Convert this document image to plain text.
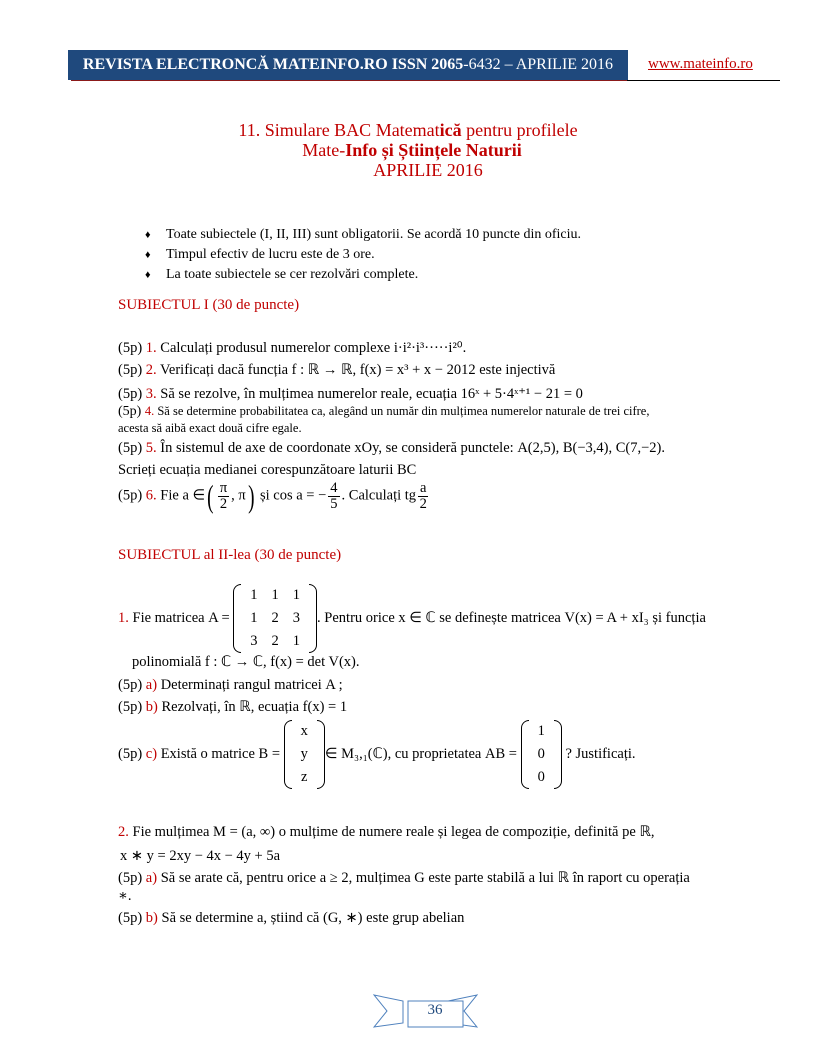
REVISTA ELECTRONCĂ MATEINFO.RO ISSN 2065 -6432 – APRILIE 2016 www.mateinfo.ro
11. Simulare BAC Matematică pentru profilele
Mate-Info și Științele Naturii
APRILIE 2016
♦ Toate subiectele (I, II, III) sunt obligatorii. Se acordă 10 puncte din oficiu.
♦ Timpul efectiv de lucru este de 3 ore.
♦ La toate subiectele se cer rezolvări complete.
SUBIECTUL I (30 de puncte)
(5p) 1. Calculați produsul numerelor complexe i·i²·i³·····i²⁰.
(5p) 2. Verificați dacă funcția f : ℝ → ℝ, f(x) = x³ + x − 2012 este injectivă
(5p) 3. Să se rezolve, în mulțimea numerelor reale, ecuația 16ˣ + 5·4ˣ⁺¹ − 21 = 0
(5p) 4. Să se determine probabilitatea ca, alegând un număr din mulțimea numerelor naturale de trei cifre,
acesta să aibă exact două cifre egale.
(5p) 5. În sistemul de axe de coordonate xOy, se consideră punctele: A(2,5), B(−3,4), C(7,−2).
Scrieți ecuația medianei corespunzătoare laturii BC
(5p) 6. Fie a ∈( $\frac{\pi}{2}$ , π) și cos a = − $\frac{4}{5}$ . Calculați tg $\frac{a}{2}$
SUBIECTUL al II-lea (30 de puncte)
1. Fie matricea A =
1	1	1
1	2	3
3	2	1
. Pentru orice x ∈ ℂ se definește matricea V(x) = A + xI₃ și funcția
polinomială f : ℂ → ℂ, f(x) = det V(x).
(5p) a) Determinați rangul matricei A ;
(5p) b) Rezolvați, în ℝ, ecuația f(x) = 1
(5p) c) Există o matrice B =
x
y
z
∈ M₃,₁(ℂ), cu proprietatea AB =
1
0
0
? Justificați.
2. Fie mulțimea M = (a, ∞) o mulțime de numere reale și legea de compoziție, definită pe ℝ,
x ∗ y = 2xy − 4x − 4y + 5a
(5p) a) Să se arate că, pentru orice a ≥ 2, mulțimea G este parte stabilă a lui ℝ în raport cu operația
∗.
(5p) b) Să se determine a, știind că (G, ∗) este grup abelian
36
